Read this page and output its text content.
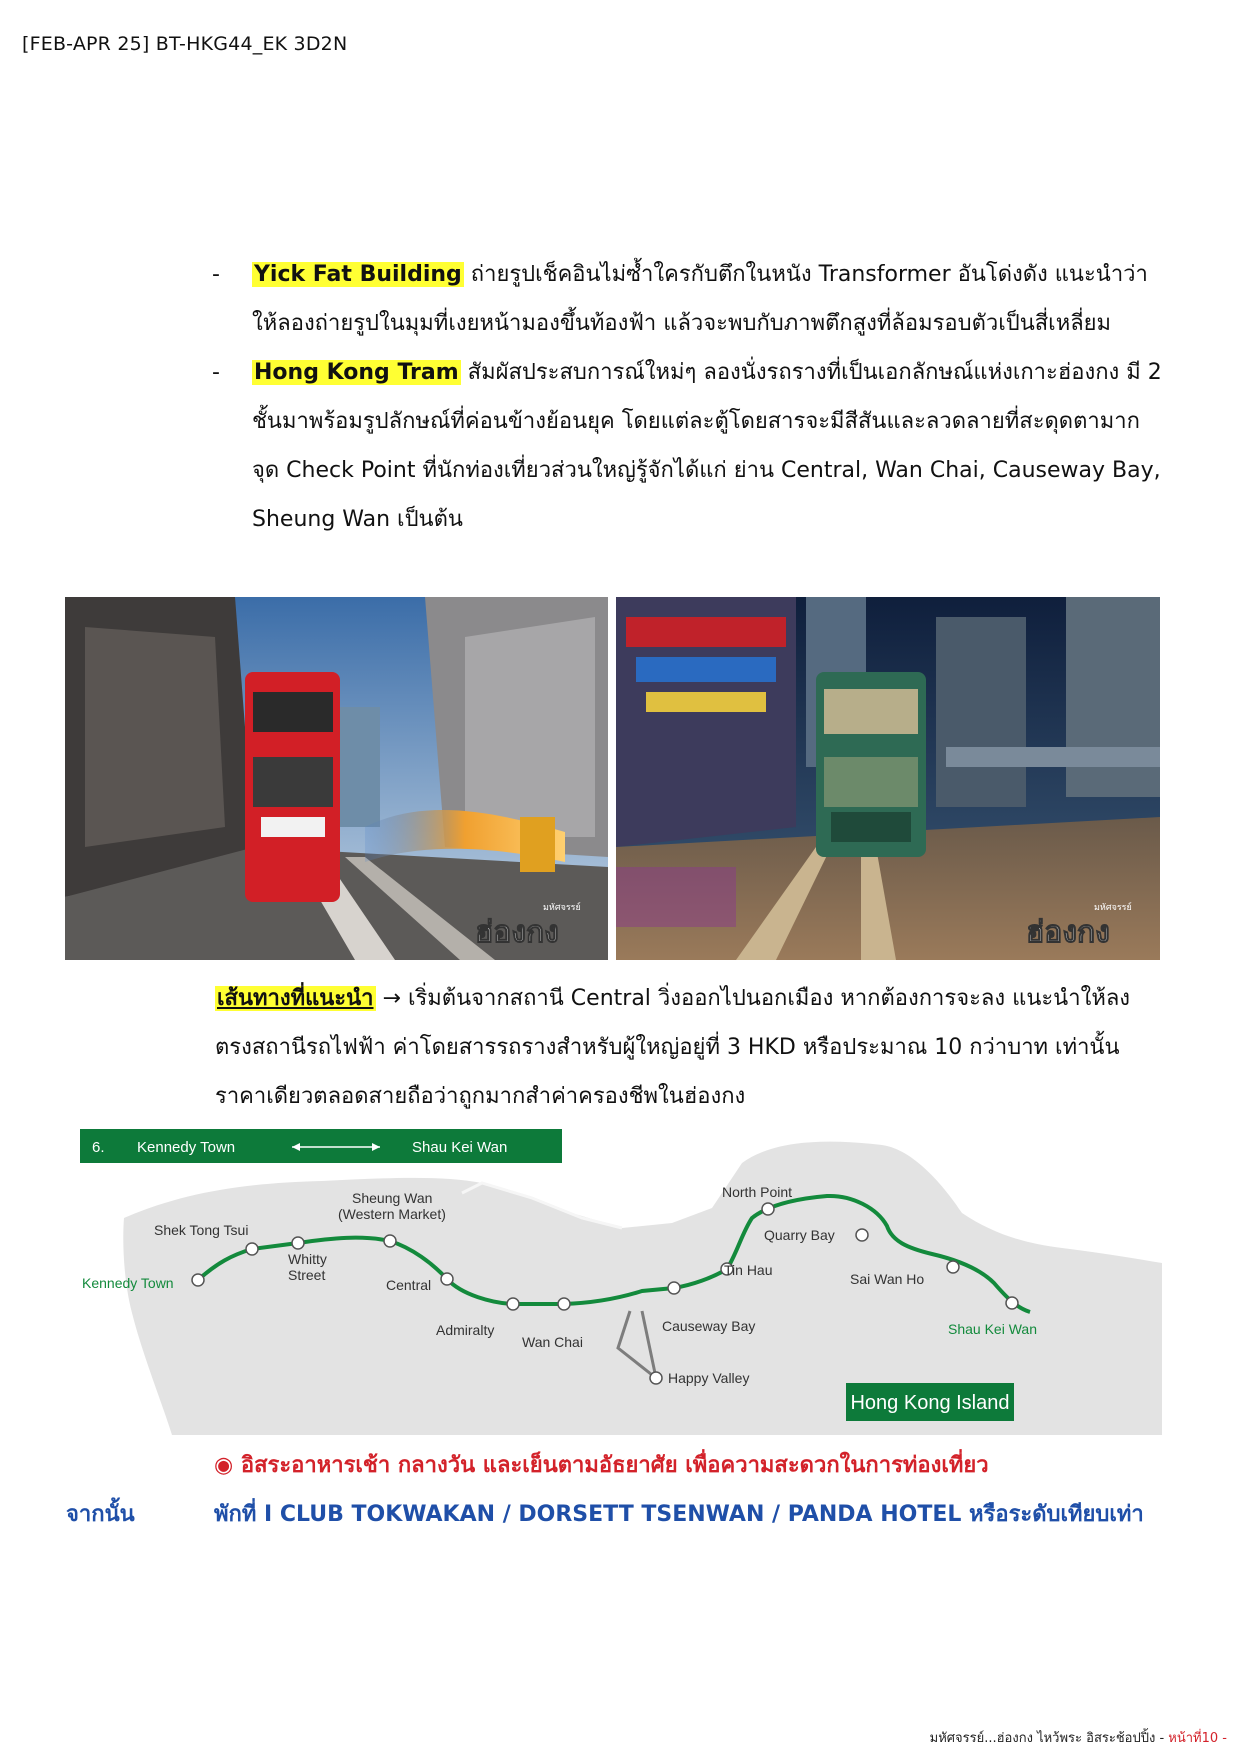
[FEB-APR 25] BT-HKG44_EK 3D2N
-	Yick Fat Building ถ่ายรูปเช็คอินไม่ซ้ำใครกับตึกในหนัง Transformer อันโด่งดัง แนะนำว่าให้ลองถ่ายรูปในมุมที่เงยหน้ามองขึ้นท้องฟ้า แล้วจะพบกับภาพตึกสูงที่ล้อมรอบตัวเป็นสี่เหลี่ยม
-	Hong Kong Tram สัมผัสประสบการณ์ใหม่ๆ ลองนั่งรถรางที่เป็นเอกลักษณ์แห่งเกาะฮ่องกง มี 2 ชั้นมาพร้อมรูปลักษณ์ที่ค่อนข้างย้อนยุค โดยแต่ละตู้โดยสารจะมีสีสันและลวดลายที่สะดุดตามาก จุด Check Point ที่นักท่องเที่ยวส่วนใหญ่รู้จักได้แก่ ย่าน Central, Wan Chai, Causeway Bay, Sheung Wan เป็นต้น
ฮ่องกง
มหัศจรรย์
ฮ่องกง
มหัศจรรย์
เส้นทางที่แนะนำ → เริ่มต้นจากสถานี Central วิ่งออกไปนอกเมือง หากต้องการจะลง แนะนำให้ลงตรงสถานีรถไฟฟ้า ค่าโดยสารรถรางสำหรับผู้ใหญ่อยู่ที่ 3 HKD หรือประมาณ 10 กว่าบาท เท่านั้น ราคาเดียวตลอดสายถือว่าถูกมากสำค่าครองชีพในฮ่องกง
6. Kennedy Town	Shau Kei Wan
Kennedy Town
Shek Tong Tsui
Whitty
Street
Sheung Wan
(Western Market)
Central
Admiralty
Wan Chai
Causeway Bay
Happy Valley
Tin Hau
North Point
Quarry Bay
Sai Wan Ho
Shau Kei Wan
Hong Kong Island
◉ อิสระอาหารเช้า กลางวัน และเย็นตามอัธยาศัย เพื่อความสะดวกในการท่องเที่ยว
จากนั้น	พักที่ I CLUB TOKWAKAN / DORSETT TSENWAN / PANDA HOTEL หรือระดับเทียบเท่า
มหัศจรรย์...ฮ่องกง ไหว้พระ อิสระช้อปปิ้ง - หน้าที่10 -
